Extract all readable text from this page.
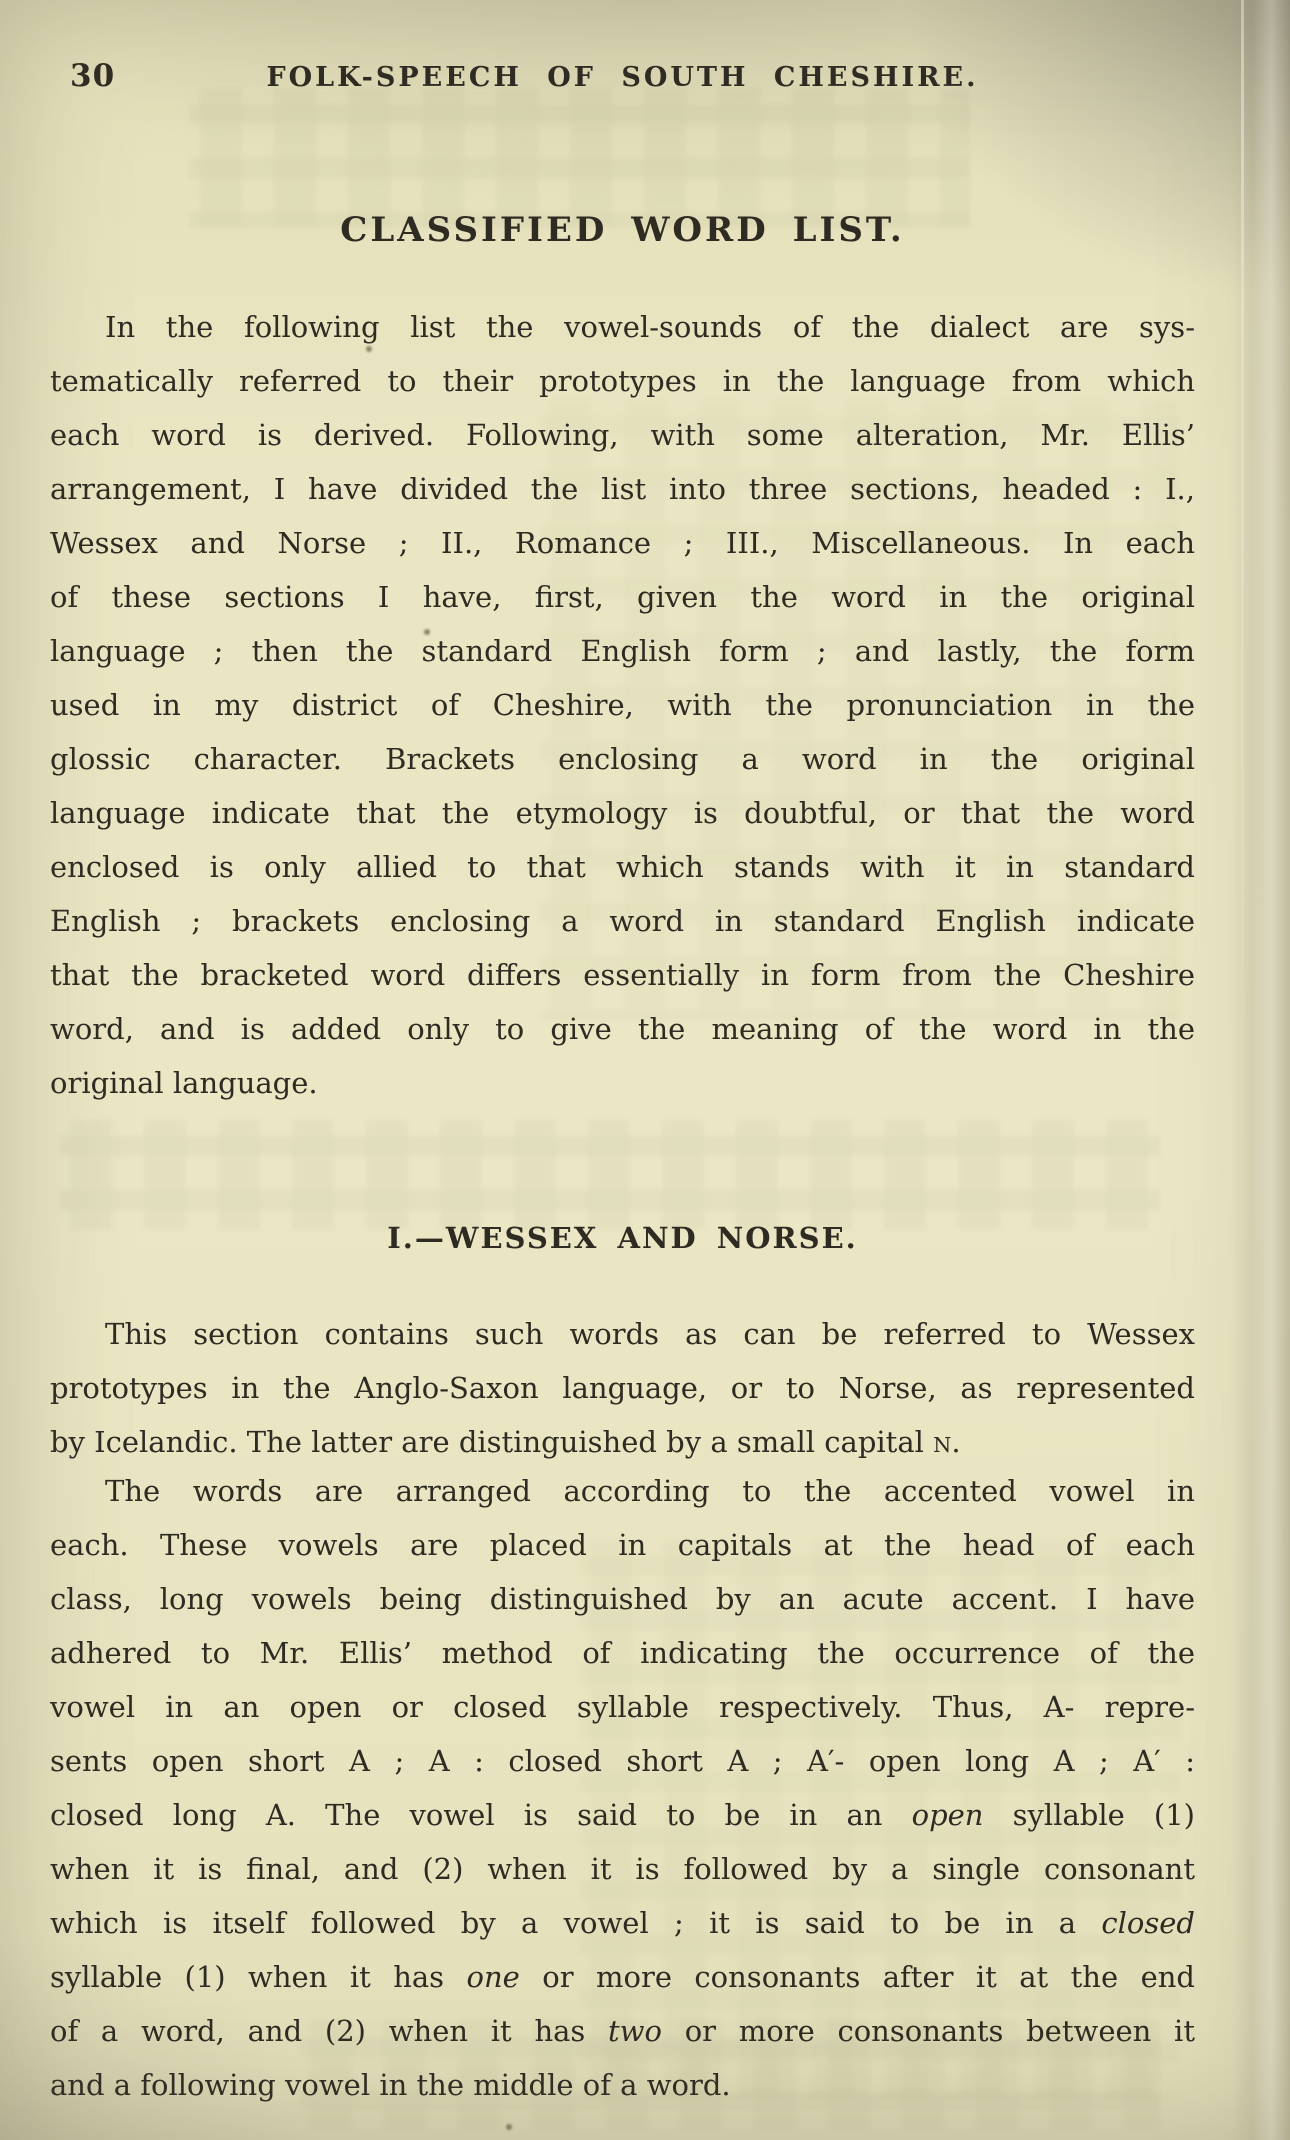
30	FOLK-SPEECH OF SOUTH CHESHIRE.
CLASSIFIED WORD LIST.
In the following list the vowel-sounds of the dialect are sys-
tematically referred to their prototypes in the language from which
each word is derived. Following, with some alteration, Mr. Ellis’
arrangement, I have divided the list into three sections, headed : I.,
Wessex and Norse ; II., Romance ; III., Miscellaneous. In each
of these sections I have, first, given the word in the original
language ; then the standard English form ; and lastly, the form
used in my district of Cheshire, with the pronunciation in the
glossic character. Brackets enclosing a word in the original
language indicate that the etymology is doubtful, or that the word
enclosed is only allied to that which stands with it in standard
English ; brackets enclosing a word in standard English indicate
that the bracketed word differs essentially in form from the Cheshire
word, and is added only to give the meaning of the word in the
original language.
I.—WESSEX AND NORSE.
This section contains such words as can be referred to Wessex
prototypes in the Anglo-Saxon language, or to Norse, as represented
by Icelandic. The latter are distinguished by a small capital N.
The words are arranged according to the accented vowel in
each. These vowels are placed in capitals at the head of each
class, long vowels being distinguished by an acute accent. I have
adhered to Mr. Ellis’ method of indicating the occurrence of the
vowel in an open or closed syllable respectively. Thus, A- repre-
sents open short A ; A : closed short A ; A′- open long A ; A′ :
closed long A. The vowel is said to be in an open syllable (1)
when it is final, and (2) when it is followed by a single consonant
which is itself followed by a vowel ; it is said to be in a closed
syllable (1) when it has one or more consonants after it at the end
of a word, and (2) when it has two or more consonants between it
and a following vowel in the middle of a word.
